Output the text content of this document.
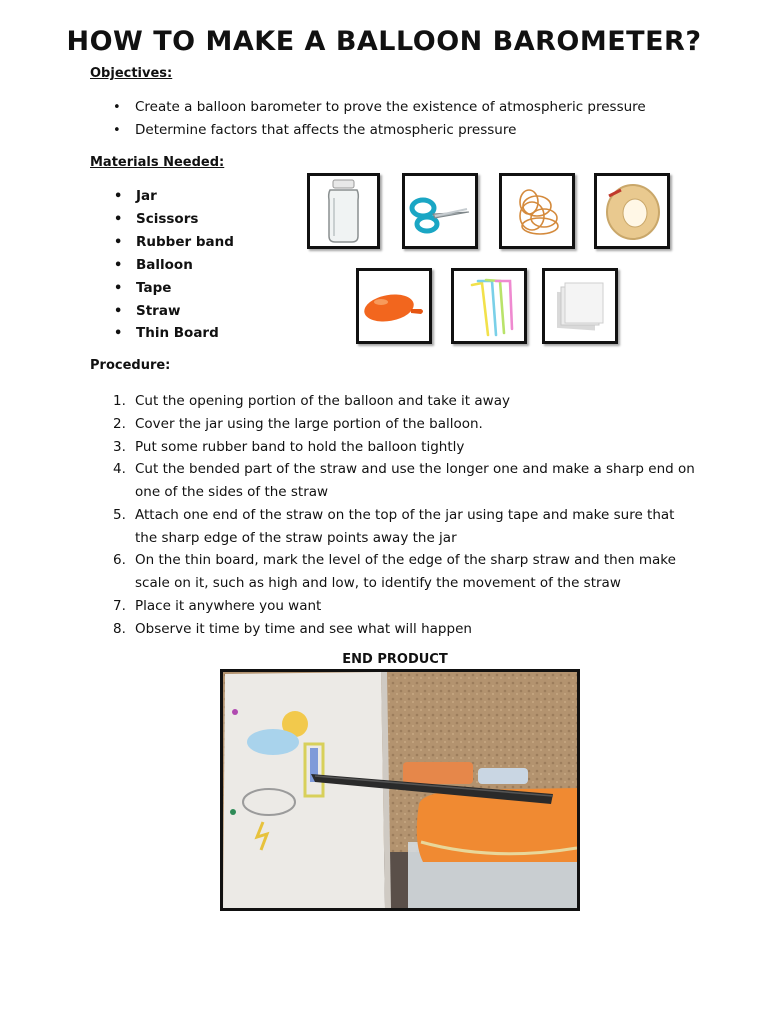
HOW TO MAKE A BALLOON BAROMETER?
Objectives:
• Create a balloon barometer to prove the existence of atmospheric pressure
• Determine factors that affects the atmospheric pressure
Materials Needed:
• Jar
• Scissors
• Rubber band
• Balloon
• Tape
• Straw
• Thin Board
Procedure:
1. Cut the opening portion of the balloon and take it away
2. Cover the jar using the large portion of the balloon.
3. Put some rubber band to hold the balloon tightly
4. Cut the bended part of the straw and use the longer one and make a sharp end on
one of the sides of the straw
5. Attach one end of the straw on the top of the jar using tape and make sure that
the sharp edge of the straw points away the jar
6. On the thin board, mark the level of the edge of the sharp straw and then make
scale on it, such as high and low, to identify the movement of the straw
7. Place it anywhere you want
8. Observe it time by time and see what will happen
END PRODUCT
